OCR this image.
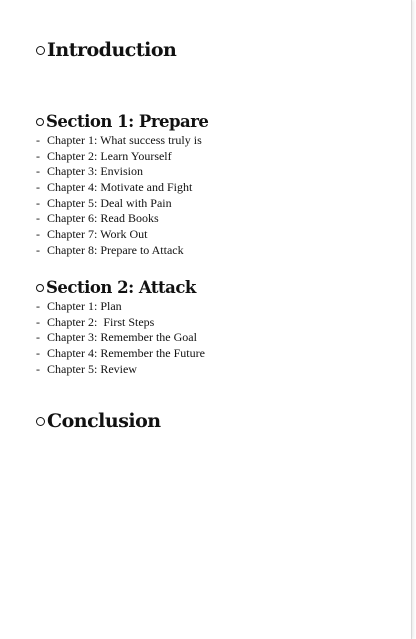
Introduction
Section 1: Prepare
- Chapter 1: What success truly is
- Chapter 2: Learn Yourself
- Chapter 3: Envision
- Chapter 4: Motivate and Fight
- Chapter 5: Deal with Pain
- Chapter 6: Read Books
- Chapter 7: Work Out
- Chapter 8: Prepare to Attack
Section 2: Attack
- Chapter 1: Plan
- Chapter 2:  First Steps
- Chapter 3: Remember the Goal
- Chapter 4: Remember the Future
- Chapter 5: Review
Conclusion
